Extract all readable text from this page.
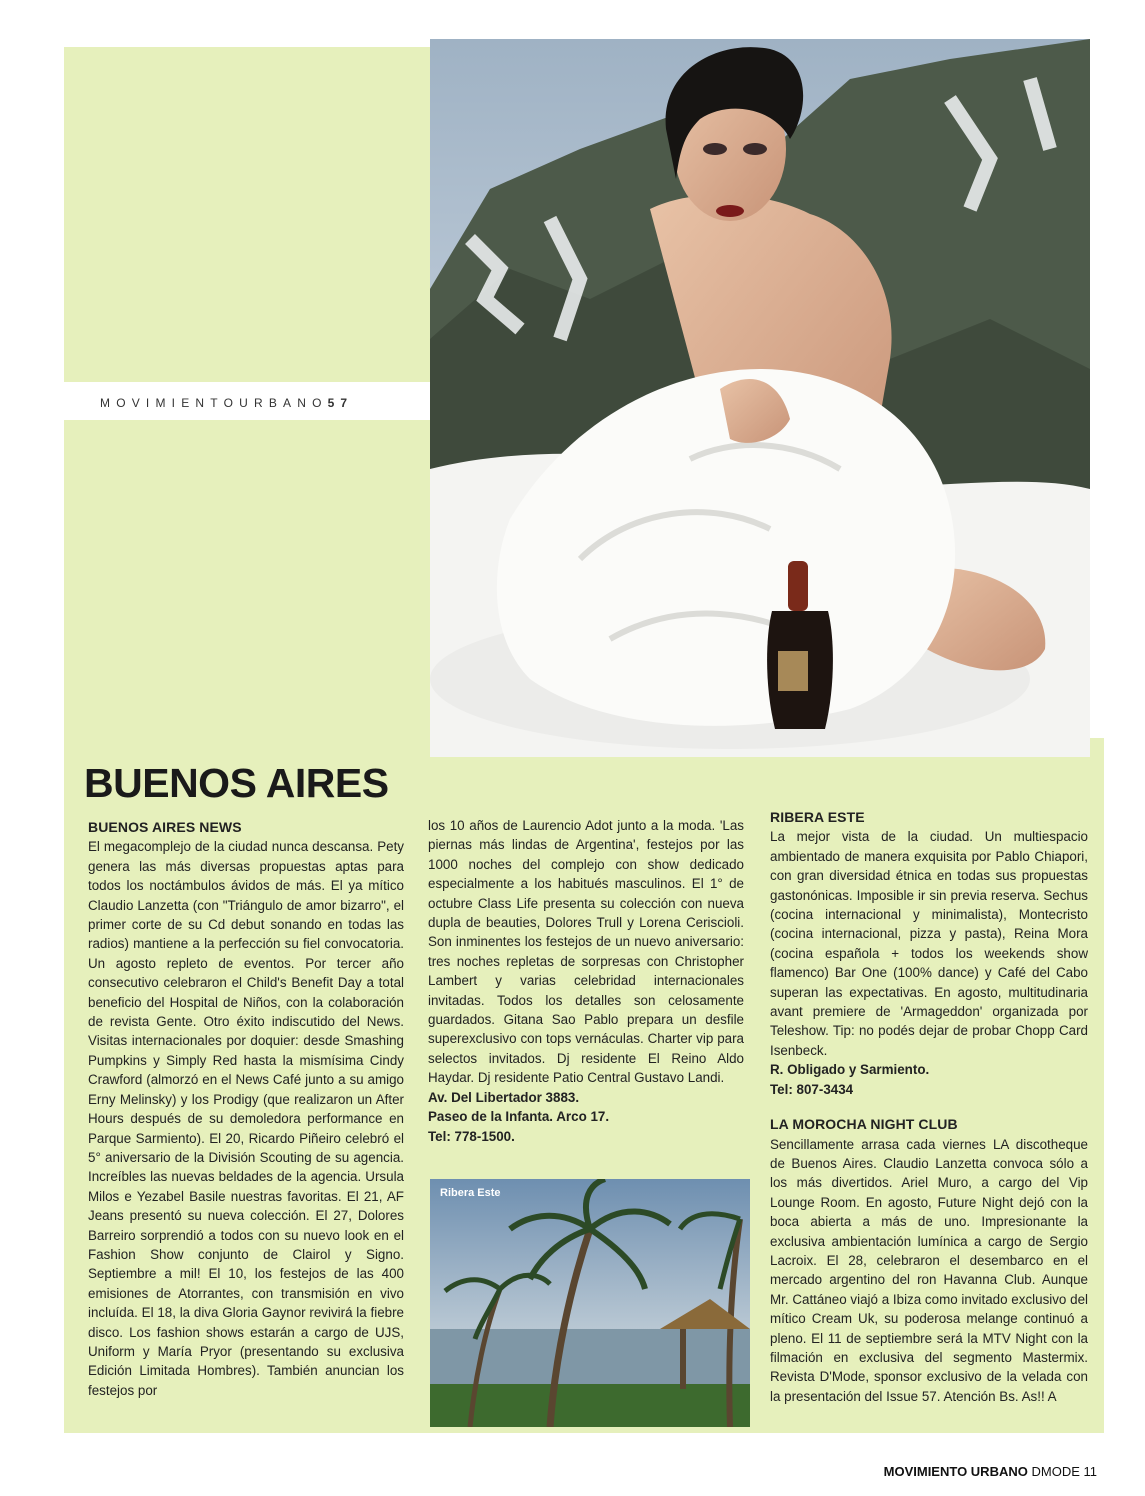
MOVIMIENTOURBANO57
BUENOS AIRES
BUENOS AIRES NEWS

El megacomplejo de la ciudad nunca descansa. Pety genera las más diversas propuestas aptas para todos los noctámbulos ávidos de más. El ya mítico Claudio Lanzetta (con "Triángulo de amor bizarro", el primer corte de su Cd debut sonando en todas las radios) mantiene a la perfección su fiel convocatoria. Un agosto repleto de eventos. Por tercer año consecutivo celebraron el Child's Benefit Day a total beneficio del Hospital de Niños, con la colaboración de revista Gente. Otro éxito indiscutido del News. Visitas internacionales por doquier: desde Smashing Pumpkins y Simply Red hasta la mismísima Cindy Crawford (almorzó en el News Café junto a su amigo Erny Melinsky) y los Prodigy (que realizaron un After Hours después de su demoledora performance en Parque Sarmiento). El 20, Ricardo Piñeiro celebró el 5° aniversario de la División Scouting de su agencia. Increíbles las nuevas beldades de la agencia. Ursula Milos e Yezabel Basile nuestras favoritas. El 21, AF Jeans presentó su nueva colección. El 27, Dolores Barreiro sorprendió a todos con su nuevo look en el Fashion Show conjunto de Clairol y Signo. Septiembre a mil! El 10, los festejos de las 400 emisiones de Atorrantes, con transmisión en vivo incluída. El 18, la diva Gloria Gaynor revivirá la fiebre disco. Los fashion shows estarán a cargo de UJS, Uniform y María Pryor (presentando su exclusiva Edición Limitada Hombres). También anuncian los festejos por

los 10 años de Laurencio Adot junto a la moda. 'Las piernas más lindas de Argentina', festejos por las 1000 noches del complejo con show dedicado especialmente a los habitués masculinos. El 1° de octubre Class Life presenta su colección con nueva dupla de beauties, Dolores Trull y Lorena Ceriscioli. Son inminentes los festejos de un nuevo aniversario: tres noches repletas de sorpresas con Christopher Lambert y varias celebridad internacionales invitadas. Todos los detalles son celosamente guardados. Gitana Sao Pablo prepara un desfile superexclusivo con tops vernáculas. Charter vip para selectos invitados. Dj residente El Reino Aldo Haydar. Dj residente Patio Central Gustavo Landi.

Av. Del Libertador 3883.
Paseo de la Infanta. Arco 17.
Tel: 778-1500.
RIBERA ESTE

La mejor vista de la ciudad. Un multiespacio ambientado de manera exquisita por Pablo Chiapori, con gran diversidad étnica en todas sus propuestas gastonónicas. Imposible ir sin previa reserva. Sechus (cocina internacional y minimalista), Montecristo (cocina internacional, pizza y pasta), Reina Mora (cocina española + todos los weekends show flamenco) Bar One (100% dance) y Café del Cabo superan las expectativas. En agosto, multitudinaria avant premiere de 'Armageddon' organizada por Teleshow. Tip: no podés dejar de probar Chopp Card Isenbeck.

R. Obligado y Sarmiento.
Tel: 807-3434
LA MOROCHA NIGHT CLUB

Sencillamente arrasa cada viernes LA discotheque de Buenos Aires. Claudio Lanzetta convoca sólo a los más divertidos. Ariel Muro, a cargo del Vip Lounge Room. En agosto, Future Night dejó con la boca abierta a más de uno. Impresionante la exclusiva ambientación lumínica a cargo de Sergio Lacroix. El 28, celebraron el desembarco en el mercado argentino del ron Havanna Club. Aunque Mr. Cattáneo viajó a Ibiza como invitado exclusivo del mítico Cream Uk, su poderosa melange continuó a pleno. El 11 de septiembre será la MTV Night con la filmación en exclusiva del segmento Mastermix. Revista D'Mode, sponsor exclusivo de la velada con la presentación del Issue 57. Atención Bs. As!! A

Ribera Este
MOVIMIENTO URBANO DMODE 11
